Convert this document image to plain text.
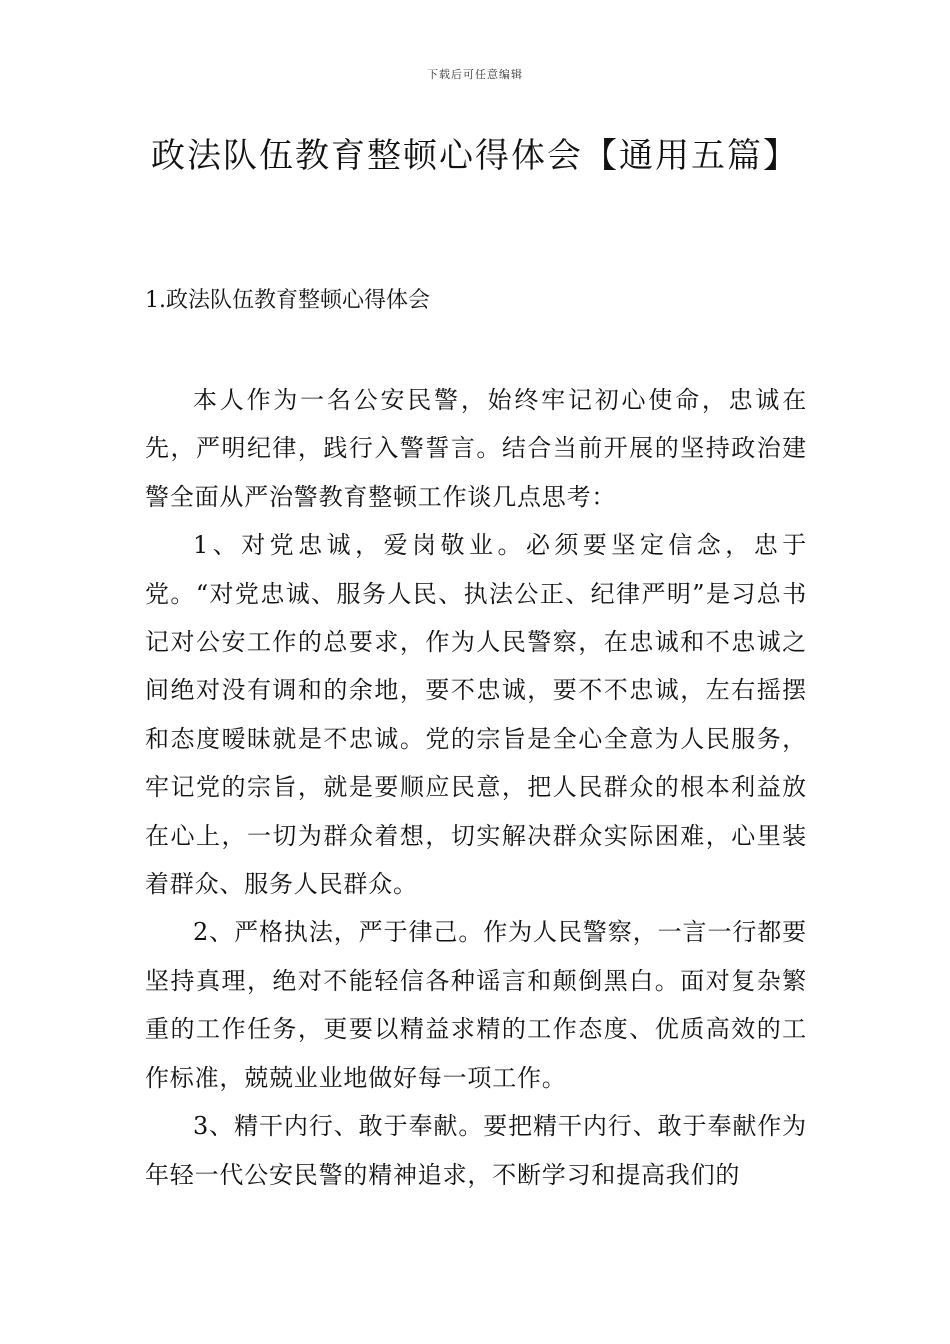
下载后可任意编辑
政法队伍教育整顿心得体会【通用五篇】
1.政法队伍教育整顿心得体会

本人作为一名公安民警，始终牢记初心使命，忠诚在先，严明纪律，践行入警誓言。结合当前开展的坚持政治建警全面从严治警教育整顿工作谈几点思考：

1、对党忠诚，爱岗敬业。必须要坚定信念，忠于党。“对党忠诚、服务人民、执法公正、纪律严明”是习总书记对公安工作的总要求，作为人民警察，在忠诚和不忠诚之间绝对没有调和的余地，要不忠诚，要不不忠诚，左右摇摆和态度暧昧就是不忠诚。党的宗旨是全心全意为人民服务，牢记党的宗旨，就是要顺应民意，把人民群众的根本利益放在心上，一切为群众着想，切实解决群众实际困难，心里装着群众、服务人民群众。

2、严格执法，严于律己。作为人民警察，一言一行都要坚持真理，绝对不能轻信各种谣言和颠倒黑白。面对复杂繁重的工作任务，更要以精益求精的工作态度、优质高效的工作标准，兢兢业业地做好每一项工作。

3、精干内行、敢于奉献。要把精干内行、敢于奉献作为年轻一代公安民警的精神追求，不断学习和提高我们的
